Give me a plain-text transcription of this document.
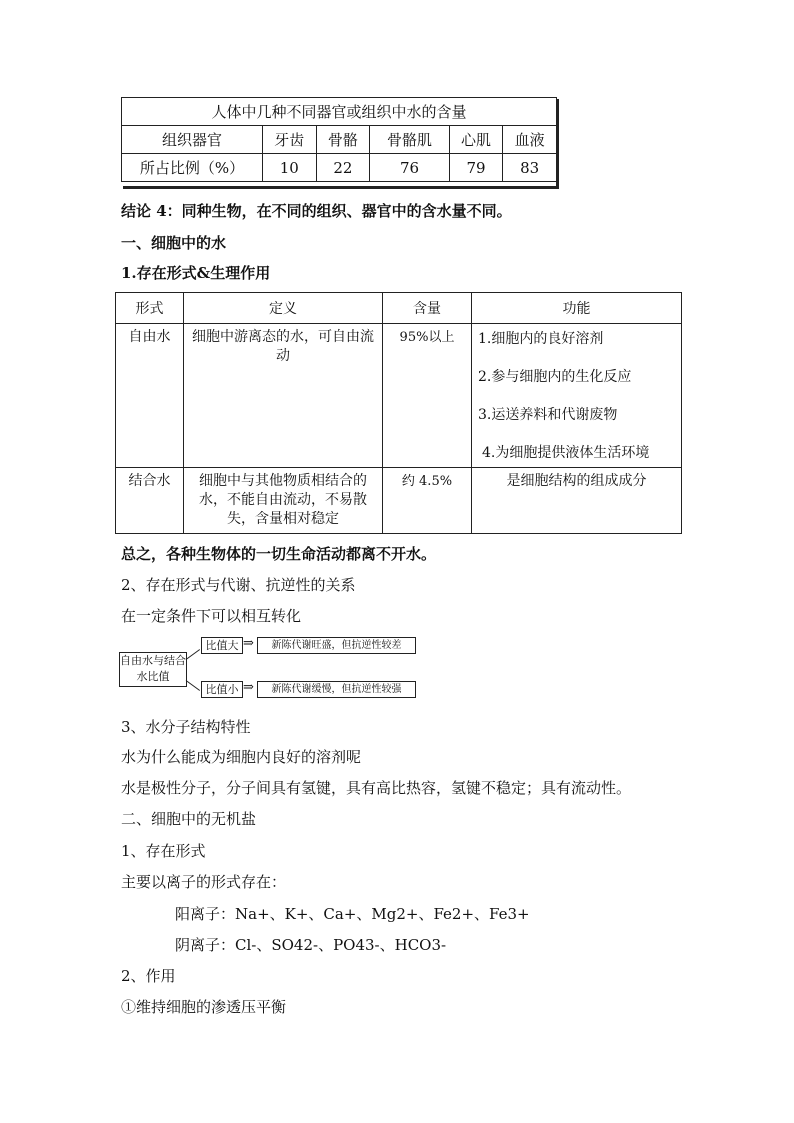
人体中几种不同器官或组织中水的含量					
组织器官	牙齿	骨骼	骨骼肌	心肌	血液
所占比例（%）	10	22	76	79	83
结论 4：同种生物，在不同的组织、器官中的含水量不同。
一、细胞中的水
1.存在形式&生理作用
形式	定义	含量	功能
自由水	细胞中游离态的水，可自由流动	95%以上	1.细胞内的良好溶剂
2.参与细胞内的生化反应
3.运送养料和代谢废物
4.为细胞提供液体生活环境

结合水	细胞中与其他物质相结合的水，不能自由流动，不易散失，含量相对稳定	约 4.5%	是细胞结构的组成成分
总之，各种生物体的一切生命活动都离不开水。
2、存在形式与代谢、抗逆性的关系
在一定条件下可以相互转化
自由水与结合水比值
比值大 ⇒	新陈代谢旺盛，但抗逆性较差
比值小 ⇒	新陈代谢缓慢，但抗逆性较强
3、水分子结构特性
水为什么能成为细胞内良好的溶剂呢
水是极性分子，分子间具有氢键，具有高比热容，氢键不稳定；具有流动性。
二、细胞中的无机盐
1、存在形式
主要以离子的形式存在：
阳离子：Na+、K+、Ca+、Mg2+、Fe2+、Fe3+
阴离子：Cl-、SO42-、PO43-、HCO3-
2、作用
①维持细胞的渗透压平衡
